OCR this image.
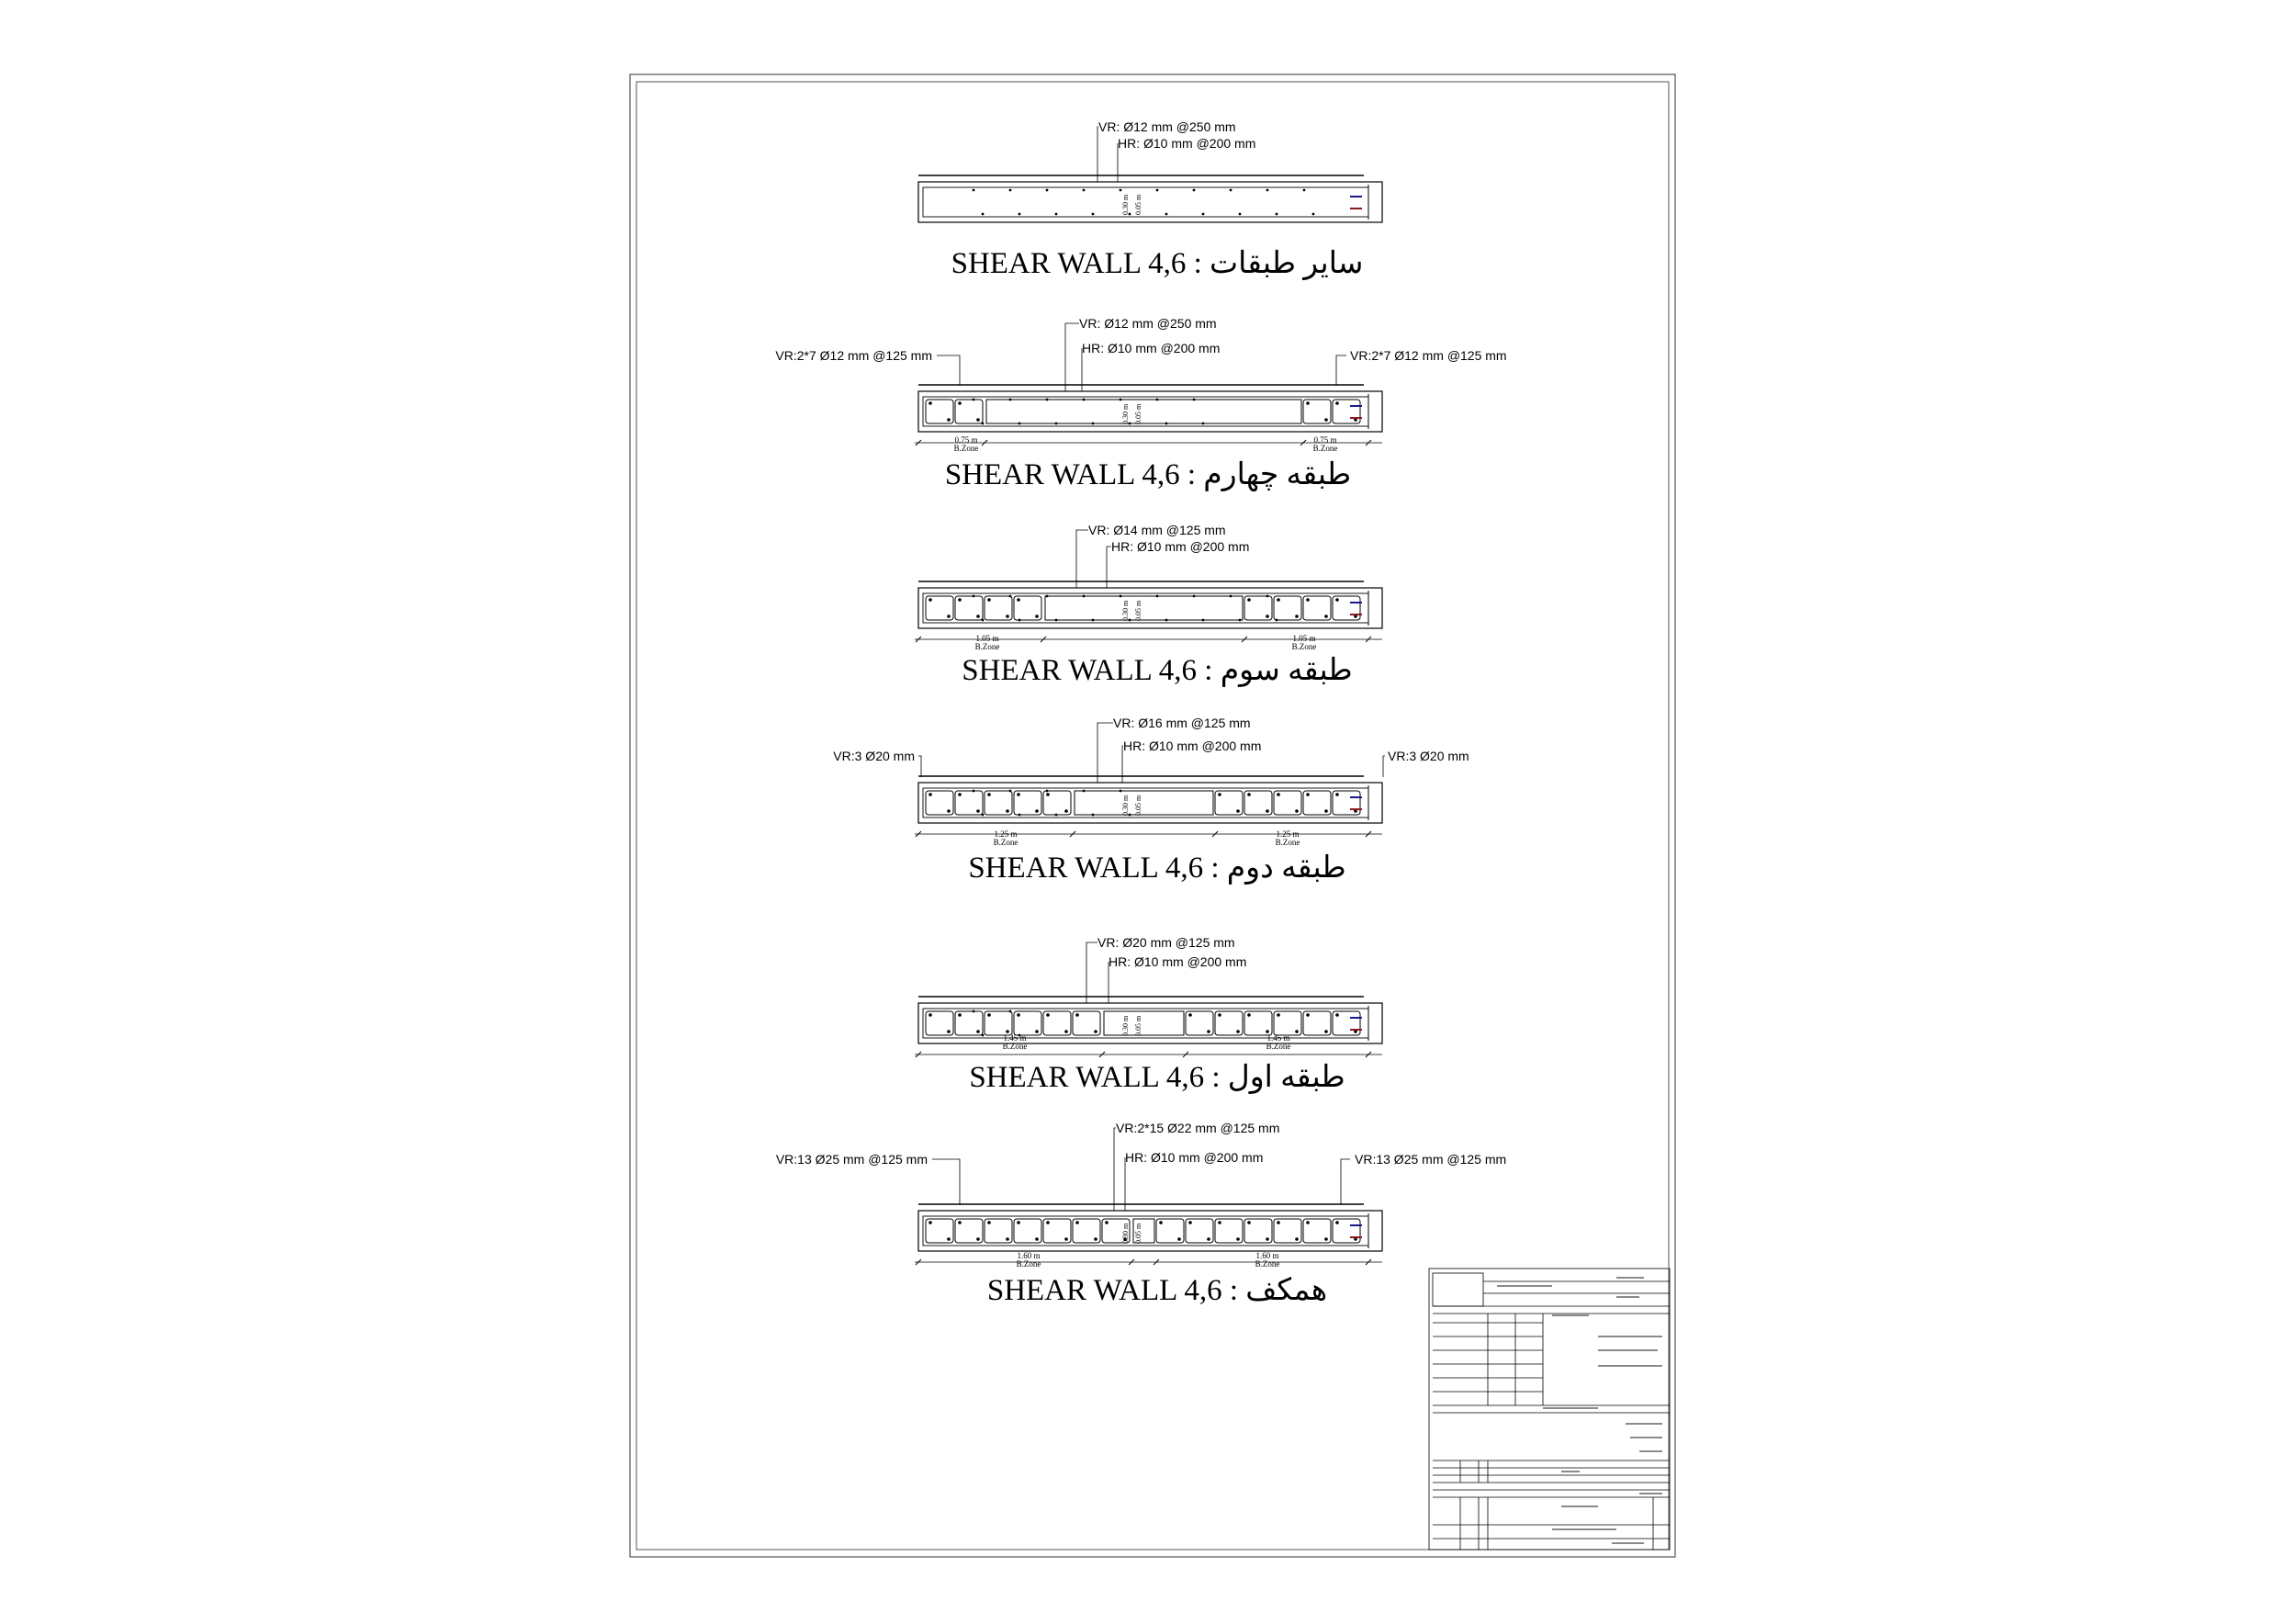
0.30 m 0.05 m
VR: Ø12 mm @250 mm
HR: Ø10 mm @200 mm
SHEAR WALL 4,6 : سایر طبقات
0.30 m 0.05 m
VR: Ø12 mm @250 mm
HR: Ø10 mm @200 mm
VR:2*7 Ø12 mm @125 mm	VR:2*7 Ø12 mm @125 mm
0.75 m
B.Zone
0.75 m
B.Zone
SHEAR WALL 4,6 : طبقه چهارم
0.30 m 0.05 m
VR: Ø14 mm @125 mm
HR: Ø10 mm @200 mm
1.05 m
B.Zone
1.05 m
B.Zone
SHEAR WALL 4,6 : طبقه سوم
0.30 m 0.05 m
VR: Ø16 mm @125 mm
HR: Ø10 mm @200 mm
VR:3 Ø20 mm	VR:3 Ø20 mm
1.25 m
B.Zone
1.25 m
B.Zone
SHEAR WALL 4,6 : طبقه دوم
0.30 m 0.05 m
VR: Ø20 mm @125 mm
HR: Ø10 mm @200 mm
1.45 m
B.Zone
1.45 m
B.Zone
SHEAR WALL 4,6 : طبقه اول
0.30 m 0.05 m
VR:2*15 Ø22 mm @125 mm
HR: Ø10 mm @200 mm
VR:13 Ø25 mm @125 mm	VR:13 Ø25 mm @125 mm
1.60 m
B.Zone
1.60 m
B.Zone
SHEAR WALL 4,6 : همکف
